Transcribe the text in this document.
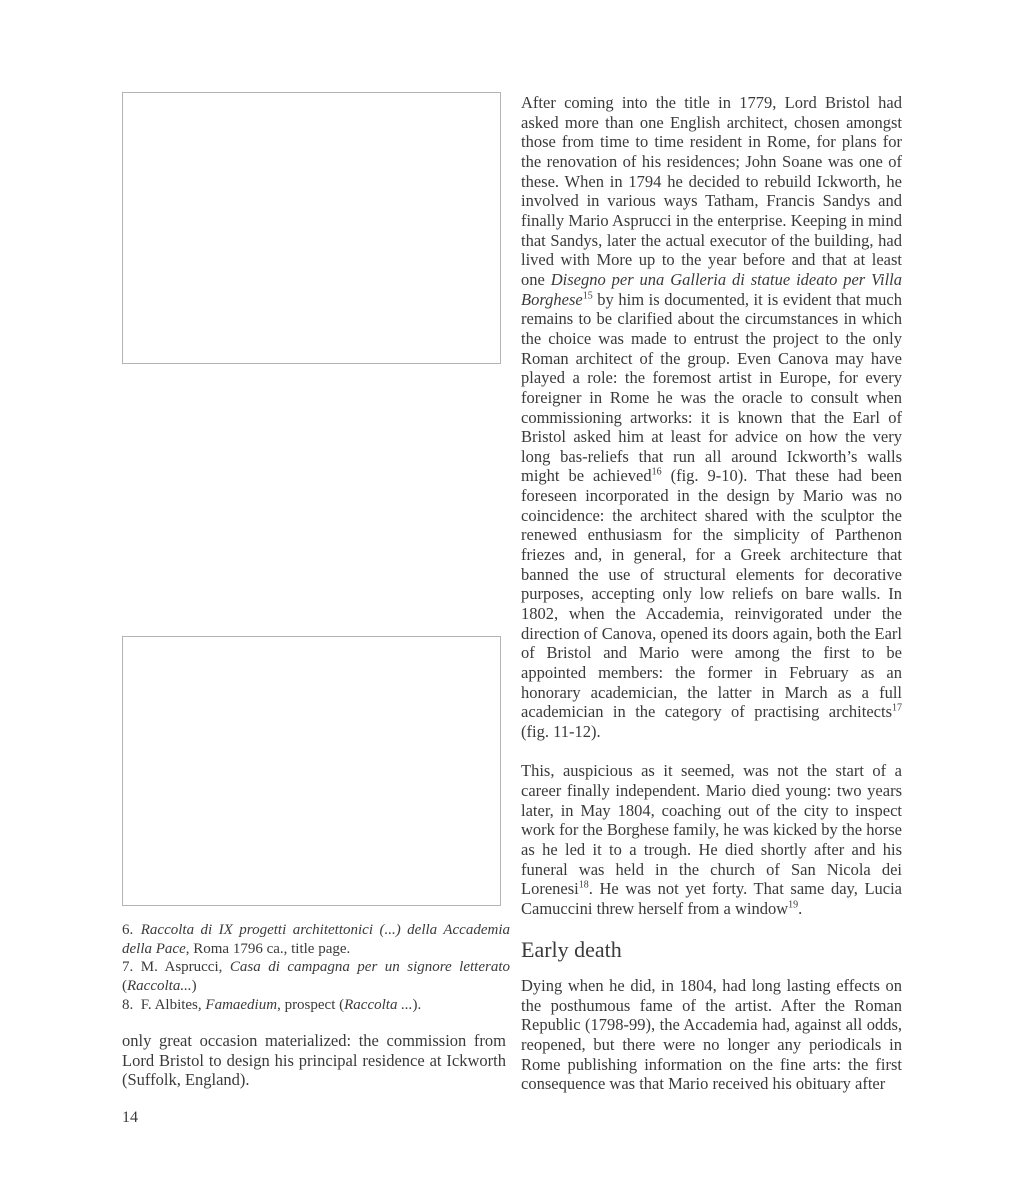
6. Raccolta di IX progetti architettonici (...) della Accademia della Pace, Roma 1796 ca., title page.

7. M. Asprucci, Casa di campagna per un signore letterato (Raccolta...)

8. F. Albites, Famaedium, prospect (Raccolta ...).

only great occasion materialized: the commission from Lord Bristol to design his principal residence at Ickworth (Suffolk, England).

14

After coming into the title in 1779, Lord Bristol had asked more than one English architect, chosen amongst those from time to time resident in Rome, for plans for the renovation of his residences; John Soane was one of these. When in 1794 he decided to rebuild Ickworth, he involved in various ways Tatham, Francis Sandys and finally Mario Asprucci in the enterprise. Keeping in mind that Sandys, later the actual executor of the building, had lived with More up to the year before and that at least one Disegno per una Galleria di statue ideato per Villa Borghese$^{15}$ by him is documented, it is evident that much remains to be clarified about the circumstances in which the choice was made to entrust the project to the only Roman architect of the group. Even Canova may have played a role: the foremost artist in Europe, for every foreigner in Rome he was the oracle to consult when commissioning artworks: it is known that the Earl of Bristol asked him at least for advice on how the very long bas-reliefs that run all around Ickworth’s walls might be achieved$^{16}$ (fig. 9-10). That these had been foreseen incorporated in the design by Mario was no coincidence: the architect shared with the sculptor the renewed enthusiasm for the simplicity of Parthenon friezes and, in general, for a Greek architecture that banned the use of structural elements for decorative purposes, accepting only low reliefs on bare walls. In 1802, when the Accademia, reinvigorated under the direction of Canova, opened its doors again, both the Earl of Bristol and Mario were among the first to be appointed members: the former in February as an honorary academician, the latter in March as a full academician in the category of practising architects$^{17}$ (fig. 11-12).

This, auspicious as it seemed, was not the start of a career finally independent. Mario died young: two years later, in May 1804, coaching out of the city to inspect work for the Borghese family, he was kicked by the horse as he led it to a trough. He died shortly after and his funeral was held in the church of San Nicola dei Lorenesi$^{18}$. He was not yet forty. That same day, Lucia Camuccini threw herself from a window$^{19}$.

Early death

Dying when he did, in 1804, had long lasting effects on the posthumous fame of the artist. After the Roman Republic (1798-99), the Accademia had, against all odds, reopened, but there were no longer any periodicals in Rome publishing information on the fine arts: the first consequence was that Mario received his obituary after
